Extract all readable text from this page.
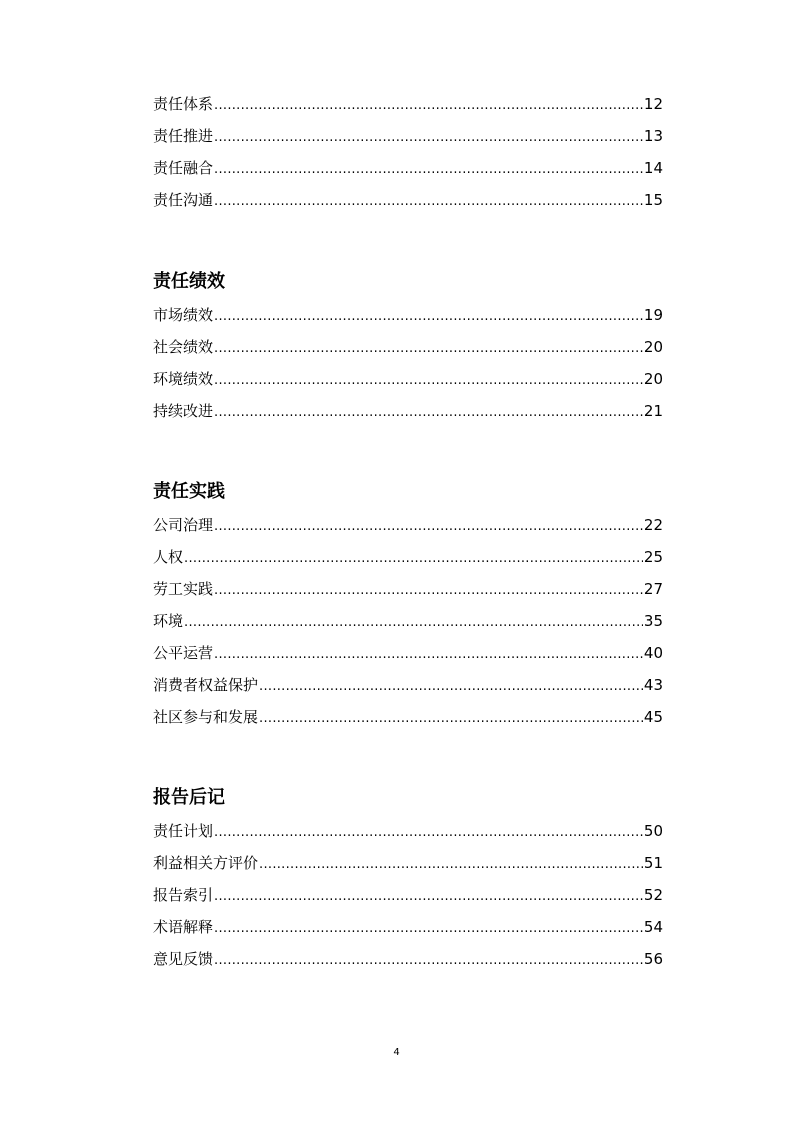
责任体系 .....	12
责任推进 .....	13
责任融合 .....	14
责任沟通 .....	15
责任绩效
市场绩效 .....	19
社会绩效 .....	20
环境绩效 .....	20
持续改进 .....	21
责任实践
公司治理 .....	22
人权 .....	25
劳工实践 .....	27
环境 .....	35
公平运营 .....	40
消费者权益保护 .....	43
社区参与和发展 .....	45
报告后记
责任计划 .....	50
利益相关方评价 .....	51
报告索引 .....	52
术语解释 .....	54
意见反馈 .....	56
4
